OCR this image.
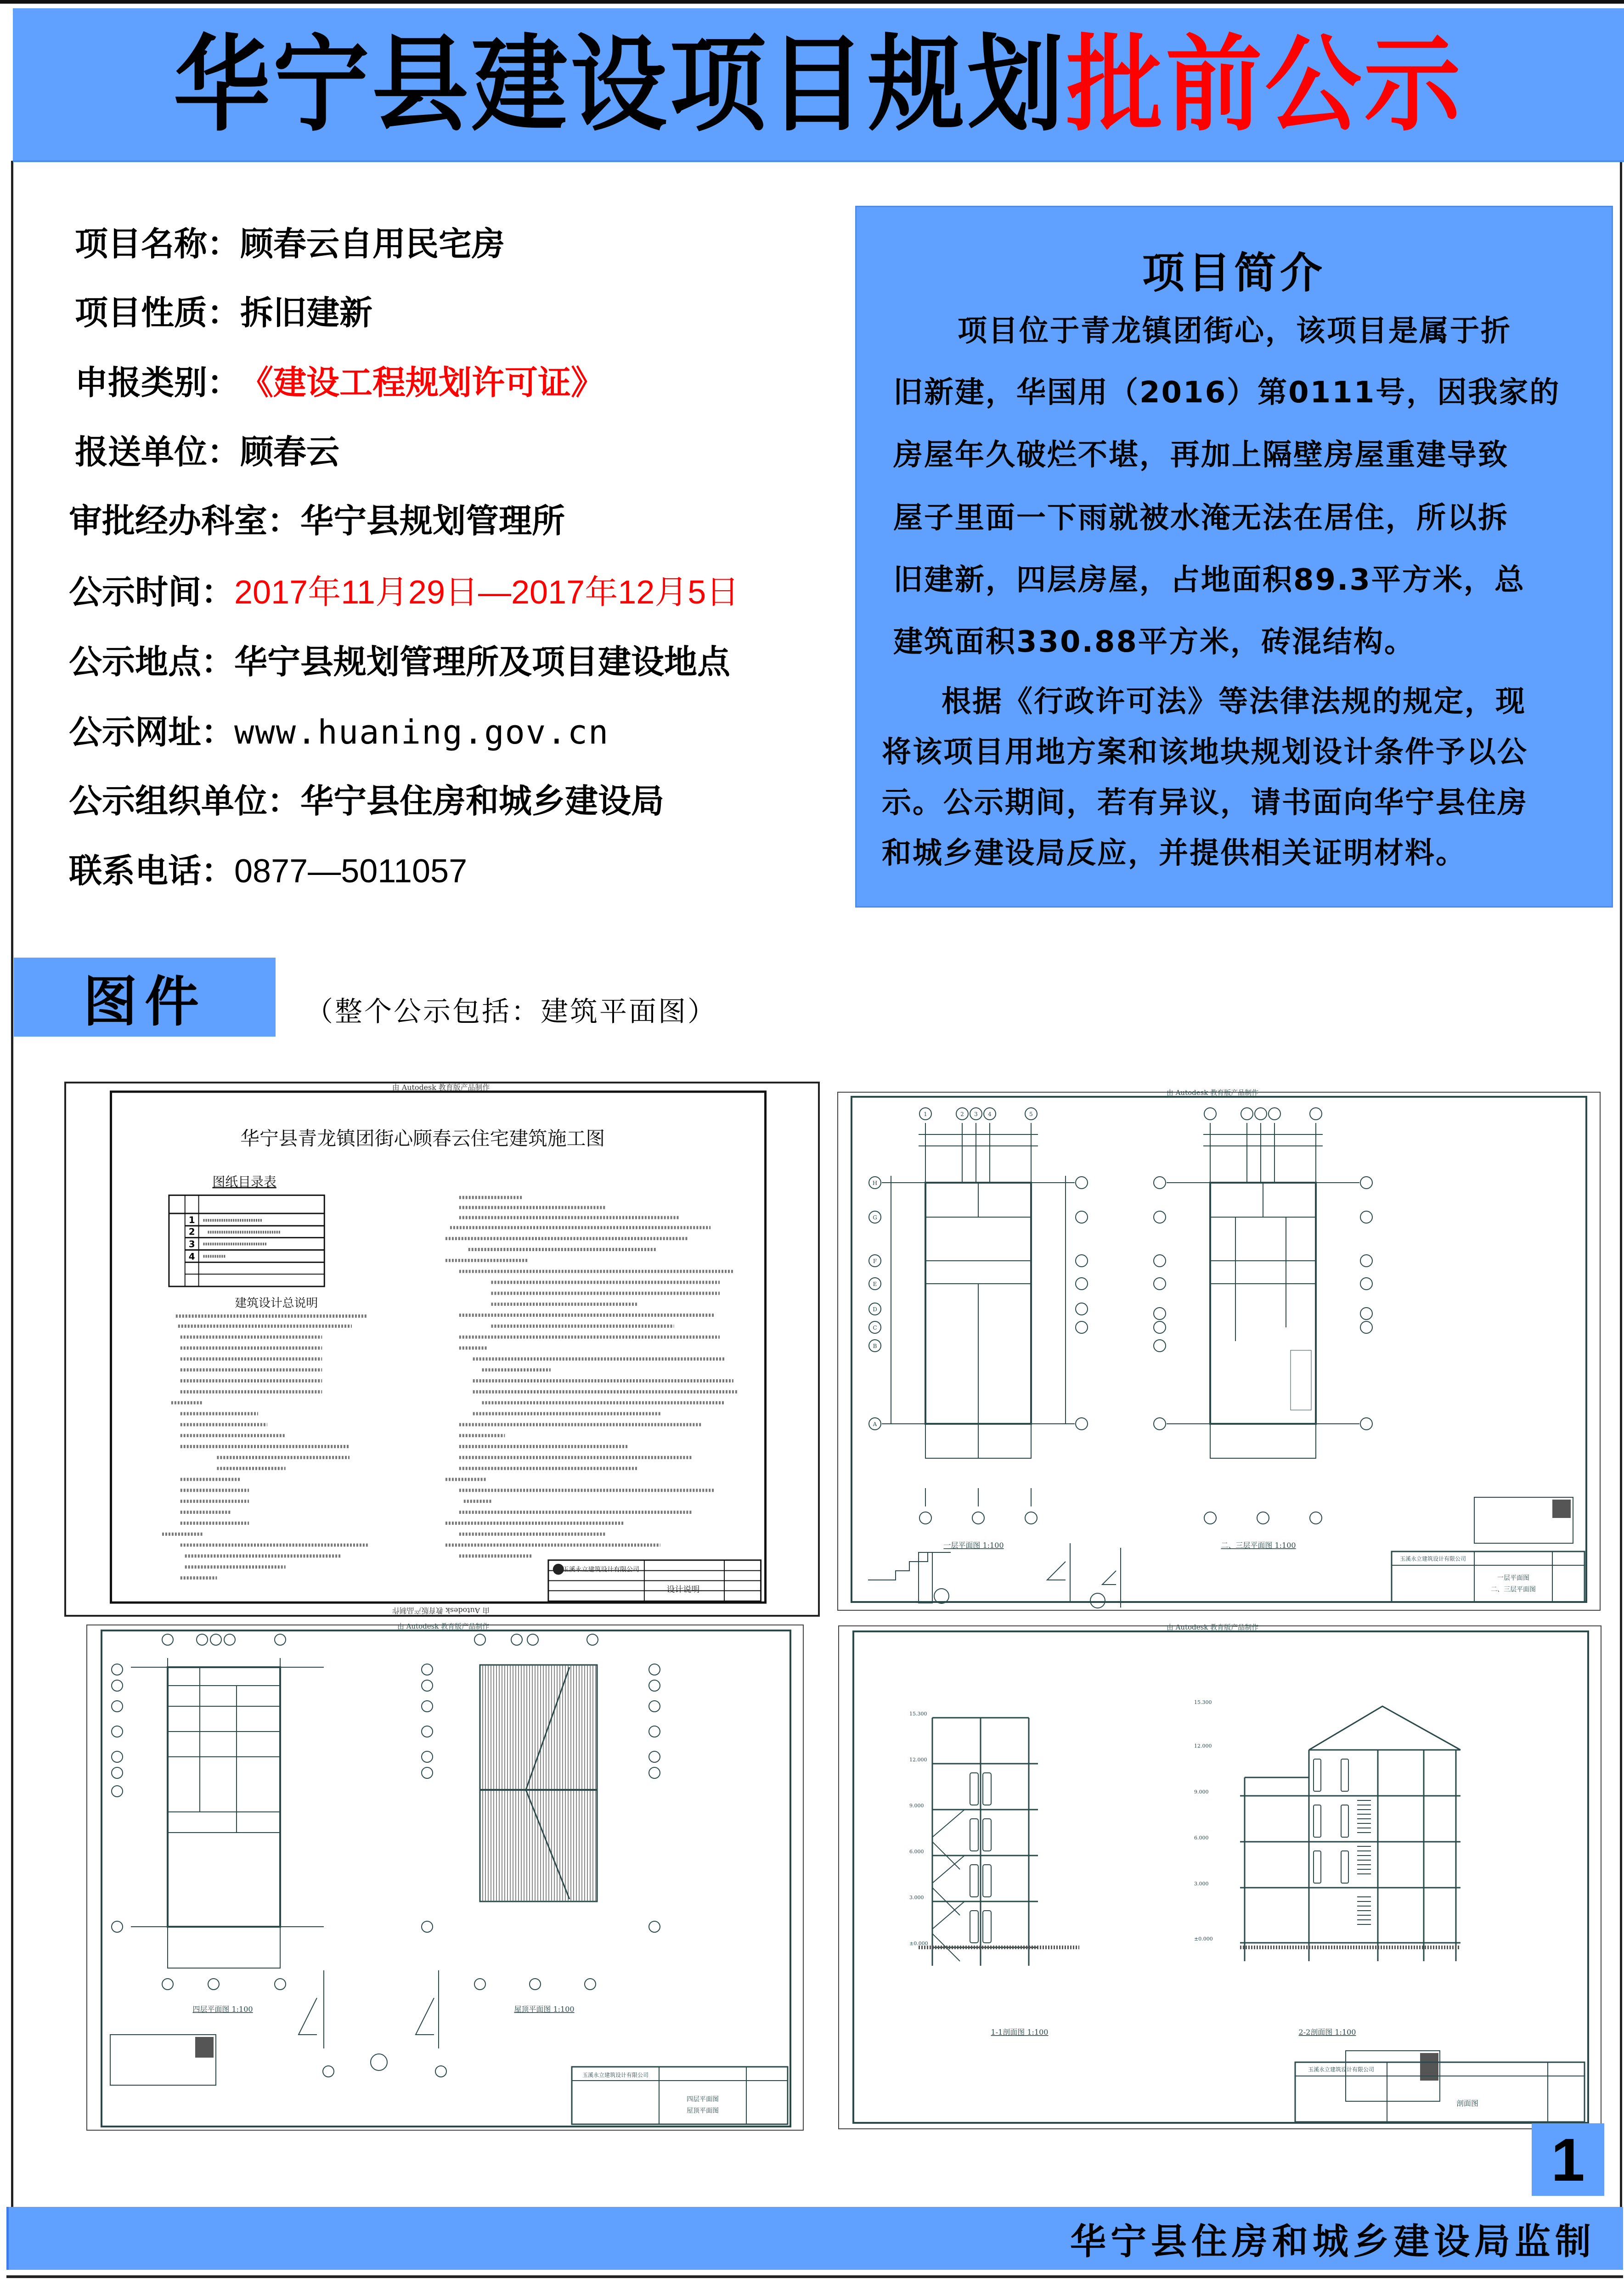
华宁县建设项目规划批前公示
项目名称： 顾春云自用民宅房
项目性质： 拆旧建新
申报类别： 《建设工程规划许可证》
报送单位： 顾春云
审批经办科室： 华宁县规划管理所
公示时间： 2017年11月29日—2017年12月5日
公示地点： 华宁县规划管理所及项目建设地点
公示网址： www.huaning.gov.cn
公示组织单位： 华宁县住房和城乡建设局
联系电话： 0877—5011057
项目简介
项目位于青龙镇团街心，该项目是属于折
旧新建，华国用（2016）第0111号，因我家的
房屋年久破烂不堪，再加上隔壁房屋重建导致
屋子里面一下雨就被水淹无法在居住，所以拆
旧建新，四层房屋，占地面积89.3平方米，总
建筑面积330.88平方米，砖混结构。
根据《行政许可法》等法律法规的规定，现
将该项目用地方案和该地块规划设计条件予以公
示。公示期间，若有异议，请书面向华宁县住房
和城乡建设局反应，并提供相关证明材料。
图件	（整个公示包括：建筑平面图）
由 Autodesk 教育版产品制作
由 Autodesk 教育版产品制作
华宁县青龙镇团街心顾春云住宅建筑施工图
图纸目录表
1
2
3
4
建筑设计总说明
玉溪永立建筑设计有限公司
设计说明
由 Autodesk 教育版产品制作
1	2 3 4	5
H
G
F
E
D
C
B
A
一层平面图 1:100	二、三层平面图 1:100
玉溪永立建筑设计有限公司
一层平面图
二、三层平面图
由 Autodesk 教育版产品制作
四层平面图 1:100	屋顶平面图 1:100
玉溪永立建筑设计有限公司
四层平面图
屋顶平面图
由 Autodesk 教育版产品制作
15.300
12.000
9.000
6.000
3.000
±0.000
1-1剖面图 1:100
15.300
12.000
9.000
6.000
3.000
±0.000
2-2剖面图 1:100
玉溪永立建筑设计有限公司
剖面图
1
华宁县住房和城乡建设局监制
